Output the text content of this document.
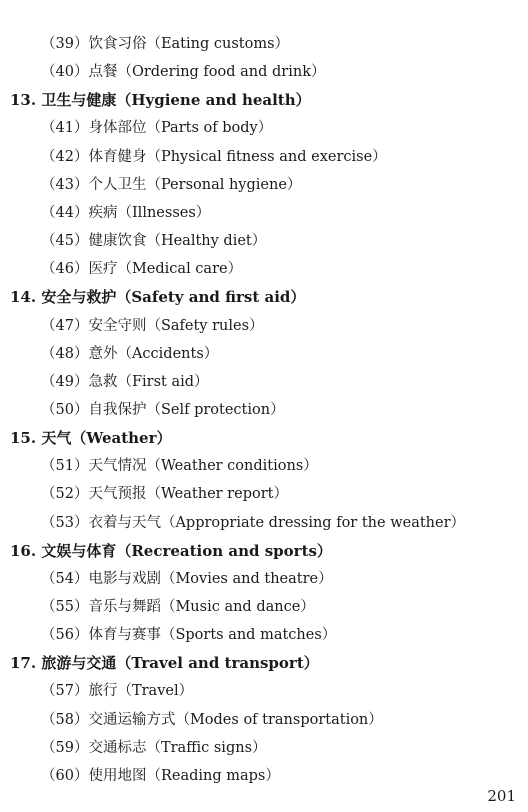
（39）饮食习俗（Eating customs）
（40）点餐（Ordering food and drink）
13. 卫生与健康（Hygiene and health）
（41）身体部位（Parts of body）
（42）体育健身（Physical fitness and exercise）
（43）个人卫生（Personal hygiene）
（44）疾病（Illnesses）
（45）健康饮食（Healthy diet）
（46）医疗（Medical care）
14. 安全与救护（Safety and first aid）
（47）安全守则（Safety rules）
（48）意外（Accidents）
（49）急救（First aid）
（50）自我保护（Self protection）
15. 天气（Weather）
（51）天气情况（Weather conditions）
（52）天气预报（Weather report）
（53）衣着与天气（Appropriate dressing for the weather）
16. 文娱与体育（Recreation and sports）
（54）电影与戏剧（Movies and theatre）
（55）音乐与舞蹈（Music and dance）
（56）体育与赛事（Sports and matches）
17. 旅游与交通（Travel and transport）
（57）旅行（Travel）
（58）交通运输方式（Modes of transportation）
（59）交通标志（Traffic signs）
（60）使用地图（Reading maps）
201
